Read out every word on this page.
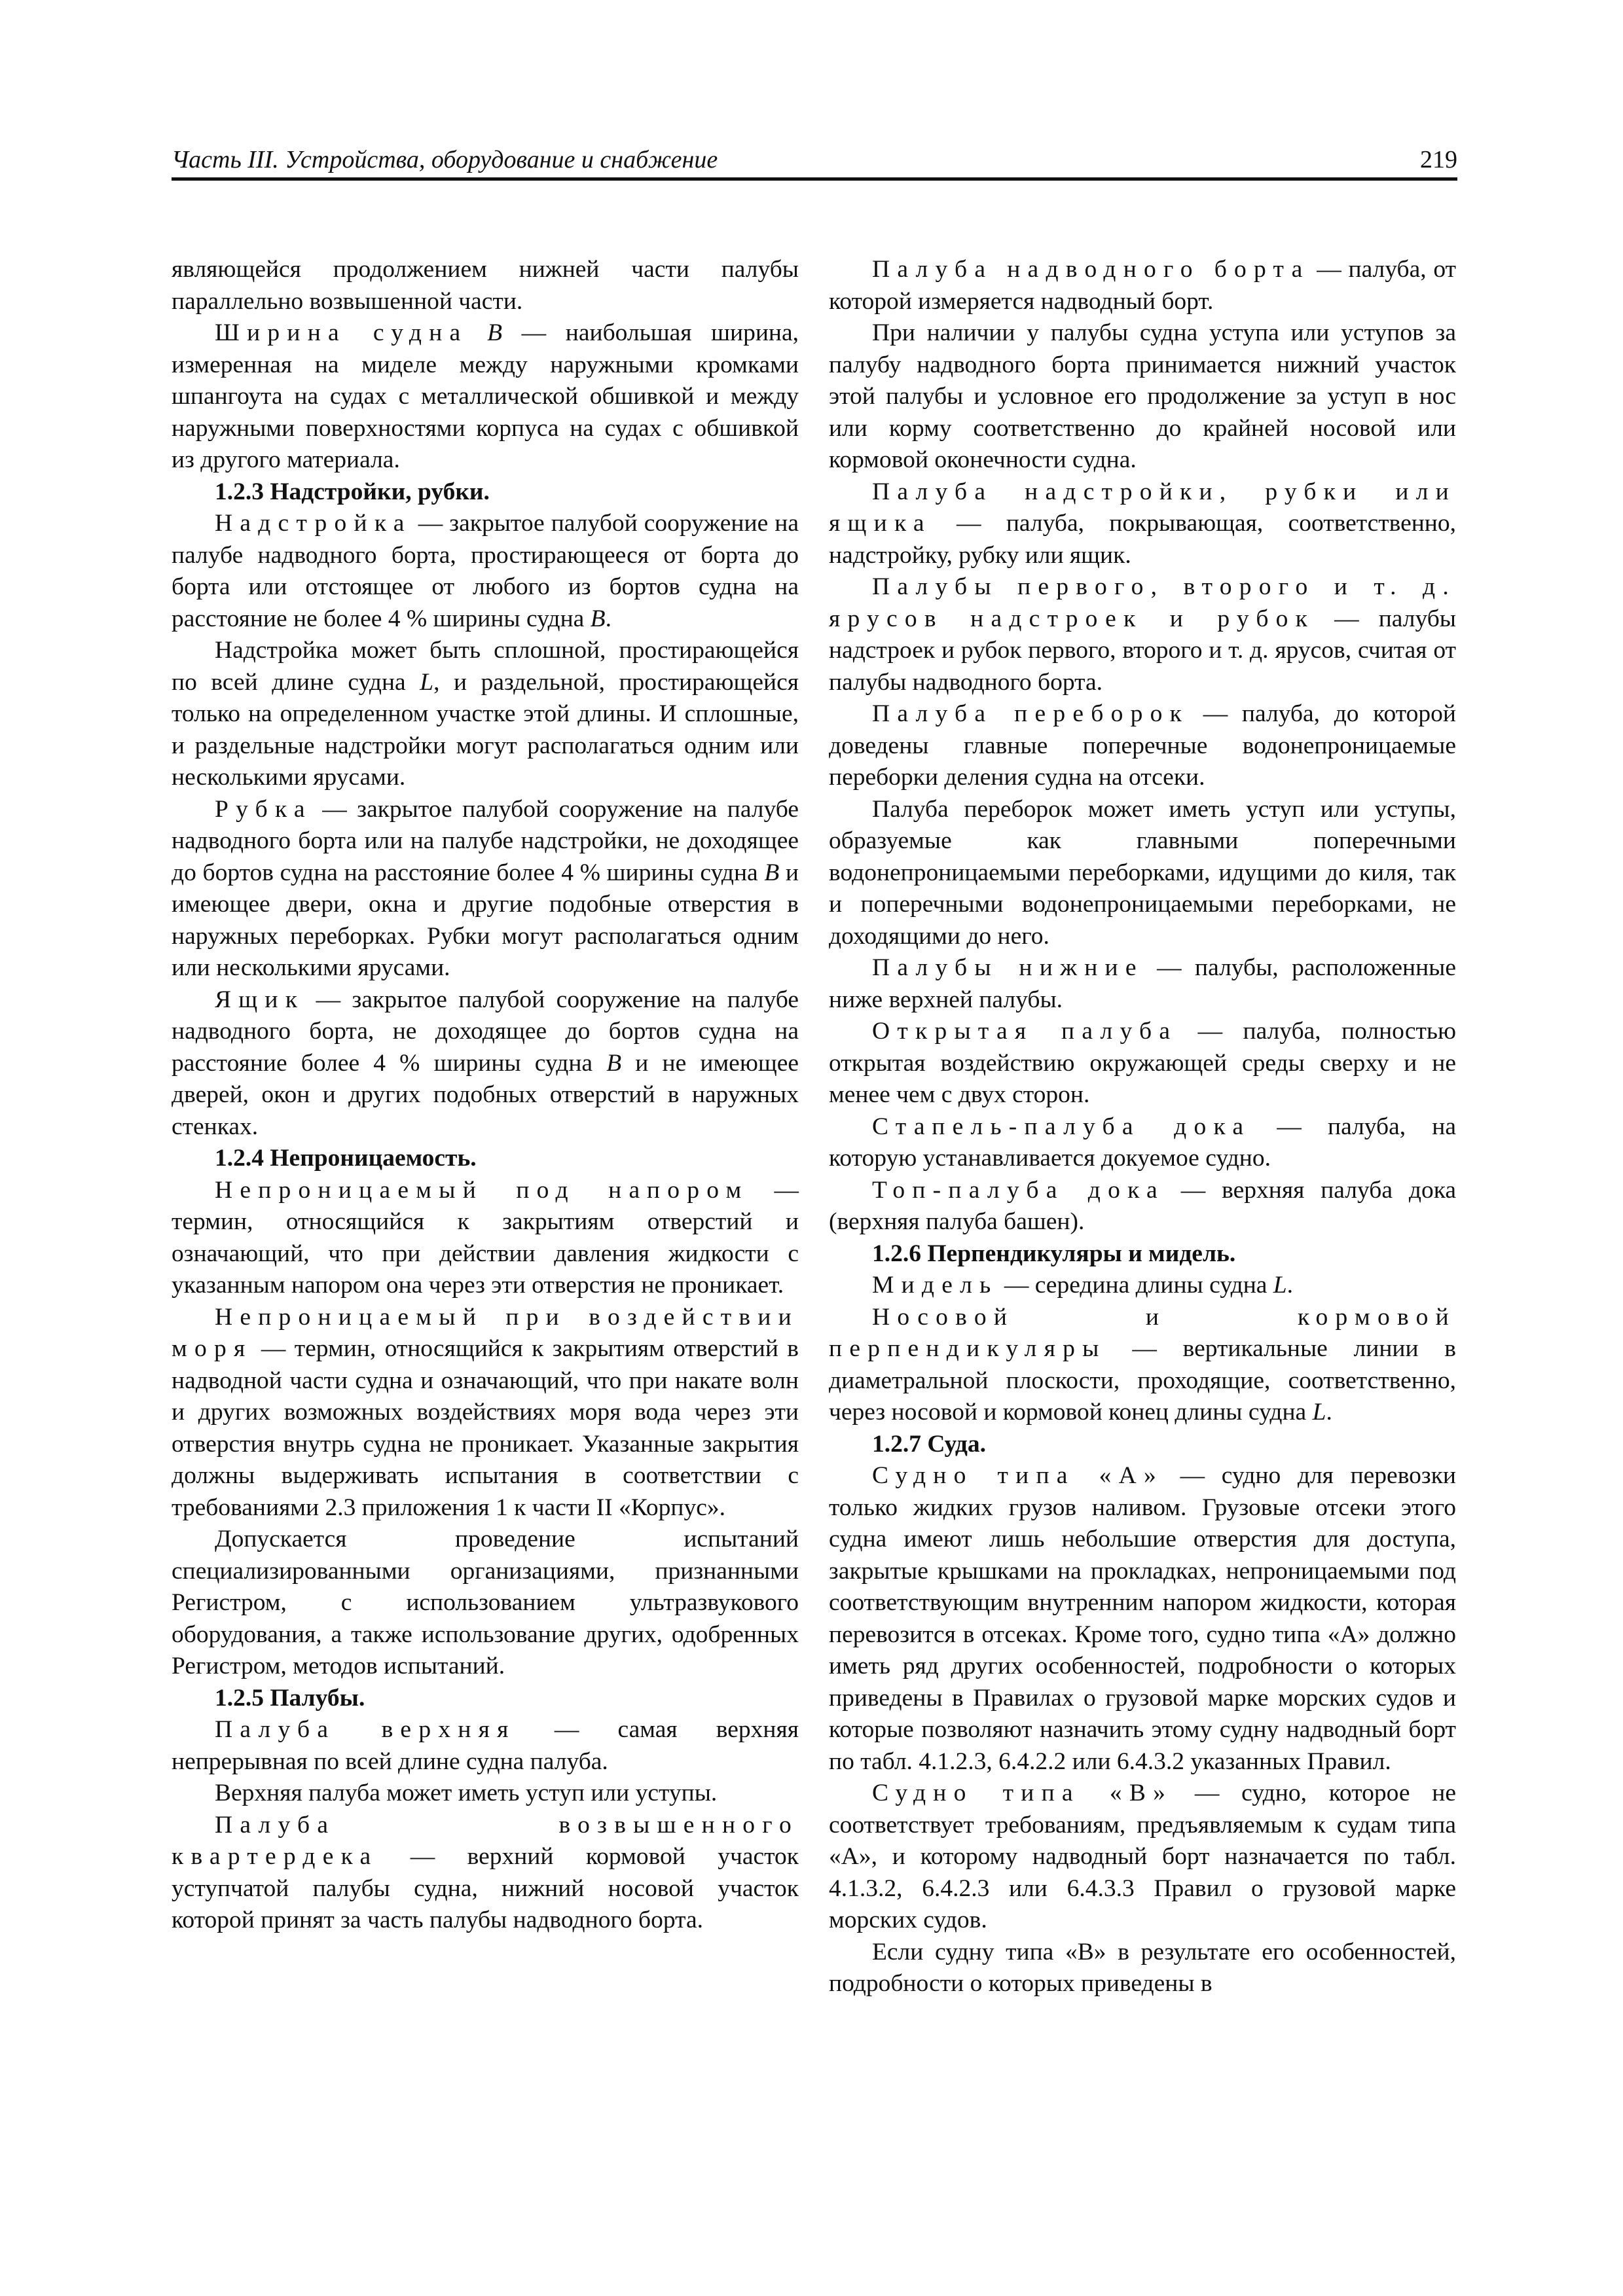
Часть III. Устройства, оборудование и снабжение	219

являющейся продолжением нижней части палубы параллельно возвышенной части.

Ширина судна B — наибольшая ширина, измеренная на миделе между наружными кромками шпангоута на судах с металлической обшивкой и между наружными поверхностями корпуса на судах с обшивкой из другого материала.

1.2.3 Надстройки, рубки.

Надстройка — закрытое палубой сооружение на палубе надводного борта, простирающееся от борта до борта или отстоящее от любого из бортов судна на расстояние не более 4 % ширины судна B.

Надстройка может быть сплошной, простирающейся по всей длине судна L, и раздельной, простирающейся только на определенном участке этой длины. И сплошные, и раздельные надстройки могут располагаться одним или несколькими ярусами.

Рубка — закрытое палубой сооружение на палубе надводного борта или на палубе надстройки, не доходящее до бортов судна на расстояние более 4 % ширины судна B и имеющее двери, окна и другие подобные отверстия в наружных переборках. Рубки могут располагаться одним или несколькими ярусами.

Ящик — закрытое палубой сооружение на палубе надводного борта, не доходящее до бортов судна на расстояние более 4 % ширины судна B и не имеющее дверей, окон и других подобных отверстий в наружных стенках.

1.2.4 Непроницаемость.

Непроницаемый под напором — термин, относящийся к закрытиям отверстий и означающий, что при действии давления жидкости с указанным напором она через эти отверстия не проникает.

Непроницаемый при воздействии моря — термин, относящийся к закрытиям отверстий в надводной части судна и означающий, что при накате волн и других возможных воздействиях моря вода через эти отверстия внутрь судна не проникает. Указанные закрытия должны выдерживать испытания в соответствии с требованиями 2.3 приложения 1 к части II «Корпус».

Допускается проведение испытаний специализированными организациями, признанными Регистром, с использованием ультразвукового оборудования, а также использование других, одобренных Регистром, методов испытаний.

1.2.5 Палубы.

Палуба верхняя — самая верхняя непрерывная по всей длине судна палуба.

Верхняя палуба может иметь уступ или уступы.

Палуба возвышенного квартердека — верхний кормовой участок уступчатой палубы судна, нижний носовой участок которой принят за часть палубы надводного борта.

Палуба надводного борта — палуба, от которой измеряется надводный борт.

При наличии у палубы судна уступа или уступов за палубу надводного борта принимается нижний участок этой палубы и условное его продолжение за уступ в нос или корму соответственно до крайней носовой или кормовой оконечности судна.

Палуба надстройки, рубки или ящика — палуба, покрывающая, соответственно, надстройку, рубку или ящик.

Палубы первого, второго и т. д. ярусов надстроек и рубок — палубы надстроек и рубок первого, второго и т. д. ярусов, считая от палубы надводного борта.

Палуба переборок — палуба, до которой доведены главные поперечные водонепроницаемые переборки деления судна на отсеки.

Палуба переборок может иметь уступ или уступы, образуемые как главными поперечными водонепроницаемыми переборками, идущими до киля, так и поперечными водонепроницаемыми переборками, не доходящими до него.

Палубы нижние — палубы, расположенные ниже верхней палубы.

Открытая палуба — палуба, полностью открытая воздействию окружающей среды сверху и не менее чем с двух сторон.

Стапель-палуба дока — палуба, на которую устанавливается докуемое судно.

Топ-палуба дока — верхняя палуба дока (верхняя палуба башен).

1.2.6 Перпендикуляры и мидель.

Мидель — середина длины судна L.

Носовой и кормовой перпендикуляры — вертикальные линии в диаметральной плоскости, проходящие, соответственно, через носовой и кормовой конец длины судна L.

1.2.7 Суда.

Судно типа «A» — судно для перевозки только жидких грузов наливом. Грузовые отсеки этого судна имеют лишь небольшие отверстия для доступа, закрытые крышками на прокладках, непроницаемыми под соответствующим внутренним напором жидкости, которая перевозится в отсеках. Кроме того, судно типа «A» должно иметь ряд других особенностей, подробности о которых приведены в Правилах о грузовой марке морских судов и которые позволяют назначить этому судну надводный борт по табл. 4.1.2.3, 6.4.2.2 или 6.4.3.2 указанных Правил.

Судно типа «B» — судно, которое не соответствует требованиям, предъявляемым к судам типа «A», и которому надводный борт назначается по табл. 4.1.3.2, 6.4.2.3 или 6.4.3.3 Правил о грузовой марке морских судов.

Если судну типа «B» в результате его особенностей, подробности о которых приведены в
